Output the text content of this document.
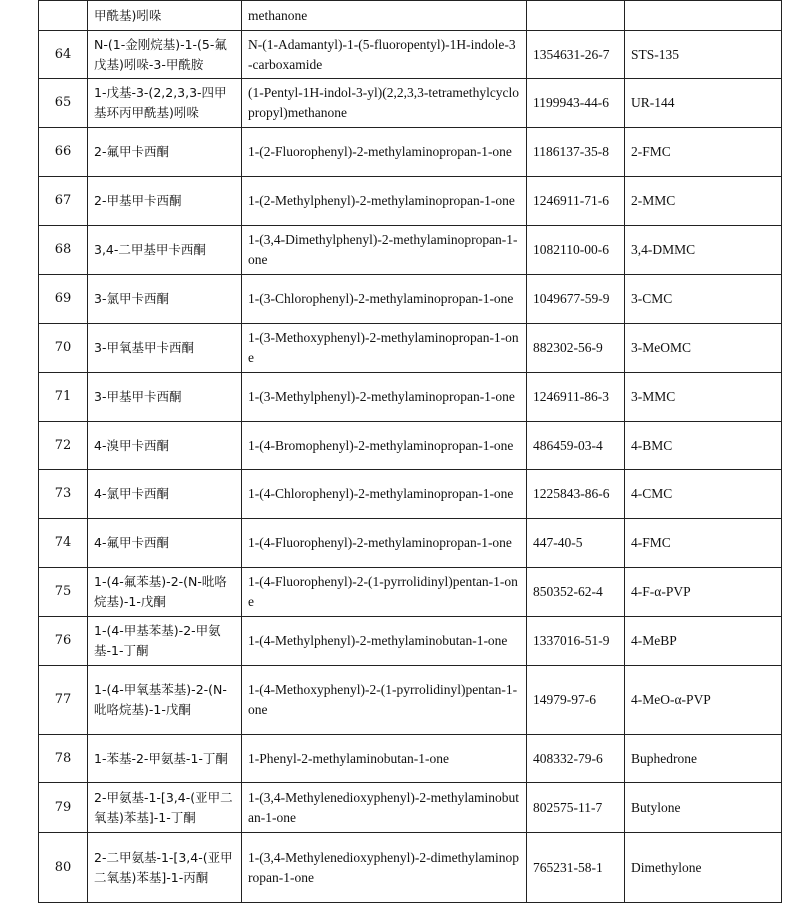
	甲酰基)吲哚	methanone		
64	N-(1-金刚烷基)-1-(5-氟戊基)吲哚-3-甲酰胺	N-(1-Adamantyl)-1-(5-fluoropentyl)-1H-indole-3-carboxamide	1354631-26-7	STS-135
65	1-戊基-3-(2,2,3,3-四甲基环丙甲酰基)吲哚	(1-Pentyl-1H-indol-3-yl)(2,2,3,3-tetramethylcyclopropyl)methanone	1199943-44-6	UR-144
66	2-氟甲卡西酮	1-(2-Fluorophenyl)-2-methylaminopropan-1-one	1186137-35-8	2-FMC
67	2-甲基甲卡西酮	1-(2-Methylphenyl)-2-methylaminopropan-1-one	1246911-71-6	2-MMC
68	3,4-二甲基甲卡西酮	1-(3,4-Dimethylphenyl)-2-methylaminopropan-1-one	1082110-00-6	3,4-DMMC
69	3-氯甲卡西酮	1-(3-Chlorophenyl)-2-methylaminopropan-1-one	1049677-59-9	3-CMC
70	3-甲氧基甲卡西酮	1-(3-Methoxyphenyl)-2-methylaminopropan-1-one	882302-56-9	3-MeOMC
71	3-甲基甲卡西酮	1-(3-Methylphenyl)-2-methylaminopropan-1-one	1246911-86-3	3-MMC
72	4-溴甲卡西酮	1-(4-Bromophenyl)-2-methylaminopropan-1-one	486459-03-4	4-BMC
73	4-氯甲卡西酮	1-(4-Chlorophenyl)-2-methylaminopropan-1-one	1225843-86-6	4-CMC
74	4-氟甲卡西酮	1-(4-Fluorophenyl)-2-methylaminopropan-1-one	447-40-5	4-FMC
75	1-(4-氟苯基)-2-(N-吡咯烷基)-1-戊酮	1-(4-Fluorophenyl)-2-(1-pyrrolidinyl)pentan-1-one	850352-62-4	4-F-α-PVP
76	1-(4-甲基苯基)-2-甲氨基-1-丁酮	1-(4-Methylphenyl)-2-methylaminobutan-1-one	1337016-51-9	4-MeBP
77	1-(4-甲氧基苯基)-2-(N-吡咯烷基)-1-戊酮	1-(4-Methoxyphenyl)-2-(1-pyrrolidinyl)pentan-1-one	14979-97-6	4-MeO-α-PVP
78	1-苯基-2-甲氨基-1-丁酮	1-Phenyl-2-methylaminobutan-1-one	408332-79-6	Buphedrone
79	2-甲氨基-1-[3,4-(亚甲二氧基)苯基]-1-丁酮	1-(3,4-Methylenedioxyphenyl)-2-methylaminobutan-1-one	802575-11-7	Butylone
80	2-二甲氨基-1-[3,4-(亚甲二氧基)苯基]-1-丙酮	1-(3,4-Methylenedioxyphenyl)-2-dimethylaminopropan-1-one	765231-58-1	Dimethylone
